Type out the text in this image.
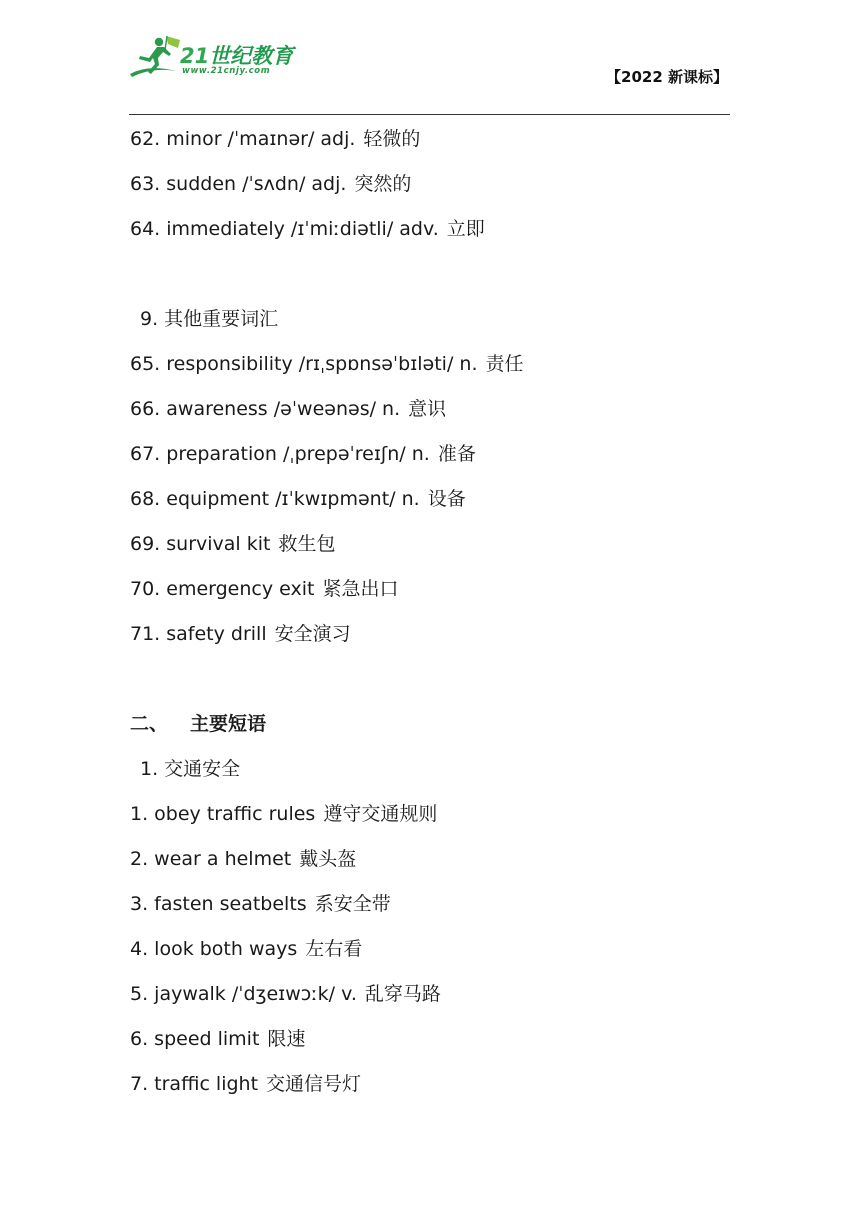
21世纪教育
www.21cnjy.com	【2022 新课标】
62. minor /ˈmaɪnər/ adj. 轻微的
63. sudden /ˈsʌdn/ adj. 突然的
64. immediately /ɪˈmiːdiətli/ adv. 立即
9. 其他重要词汇
65. responsibility /rɪˌspɒnsəˈbɪləti/ n. 责任
66. awareness /əˈweənəs/ n. 意识
67. preparation /ˌprepəˈreɪʃn/ n. 准备
68. equipment /ɪˈkwɪpmənt/ n. 设备
69. survival kit 救生包
70. emergency exit 紧急出口
71. safety drill 安全演习
二、 主要短语
1. 交通安全
1. obey traffic rules 遵守交通规则
2. wear a helmet 戴头盔
3. fasten seatbelts 系安全带
4. look both ways 左右看
5. jaywalk /ˈdʒeɪwɔːk/ v. 乱穿马路
6. speed limit 限速
7. traffic light 交通信号灯
